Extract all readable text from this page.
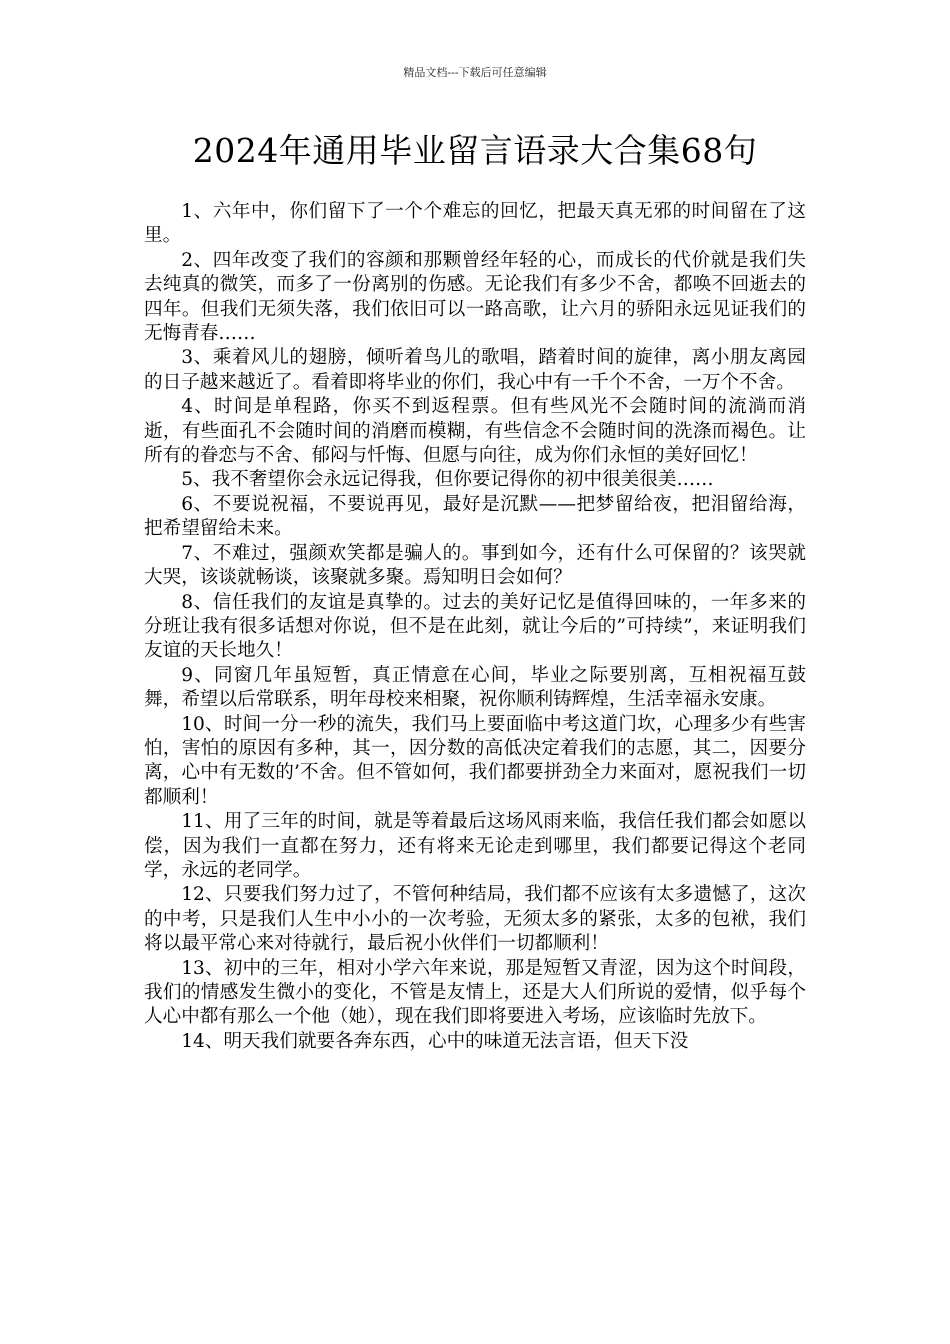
精品文档---下载后可任意编辑
2024年通用毕业留言语录大合集68句

1、六年中，你们留下了一个个难忘的回忆，把最天真无邪的时间留在了这里。

2、四年改变了我们的容颜和那颗曾经年轻的心，而成长的代价就是我们失去纯真的微笑，而多了一份离别的伤感。无论我们有多少不舍，都唤不回逝去的四年。但我们无须失落，我们依旧可以一路高歌，让六月的骄阳永远见证我们的无悔青春……

3、乘着风儿的翅膀，倾听着鸟儿的歌唱，踏着时间的旋律，离小朋友离园的日子越来越近了。看着即将毕业的你们，我心中有一千个不舍，一万个不舍。

4、时间是单程路，你买不到返程票。但有些风光不会随时间的流淌而消逝，有些面孔不会随时间的消磨而模糊，有些信念不会随时间的洗涤而褐色。让所有的眷恋与不舍、郁闷与忏悔、但愿与向往，成为你们永恒的美好回忆！

5、我不奢望你会永远记得我，但你要记得你的初中很美很美……

6、不要说祝福，不要说再见，最好是沉默——把梦留给夜，把泪留给海，把希望留给未来。

7、不难过，强颜欢笑都是骗人的。事到如今，还有什么可保留的？该哭就大哭，该谈就畅谈，该聚就多聚。焉知明日会如何？

8、信任我们的友谊是真挚的。过去的美好记忆是值得回味的，一年多来的分班让我有很多话想对你说，但不是在此刻，就让今后的”可持续”，来证明我们友谊的天长地久！

9、同窗几年虽短暂，真正情意在心间，毕业之际要别离，互相祝福互鼓舞，希望以后常联系，明年母校来相聚，祝你顺利铸辉煌，生活幸福永安康。

10、时间一分一秒的流失，我们马上要面临中考这道门坎，心理多少有些害怕，害怕的原因有多种，其一，因分数的高低决定着我们的志愿，其二，因要分离，心中有无数的’不舍。但不管如何，我们都要拼劲全力来面对，愿祝我们一切都顺利！

11、用了三年的时间，就是等着最后这场风雨来临，我信任我们都会如愿以偿，因为我们一直都在努力，还有将来无论走到哪里，我们都要记得这个老同学，永远的老同学。

12、只要我们努力过了，不管何种结局，我们都不应该有太多遗憾了，这次的中考，只是我们人生中小小的一次考验，无须太多的紧张，太多的包袱，我们将以最平常心来对待就行，最后祝小伙伴们一切都顺利！

13、初中的三年，相对小学六年来说，那是短暂又青涩，因为这个时间段，我们的情感发生微小的变化，不管是友情上，还是大人们所说的爱情，似乎每个人心中都有那么一个他（她），现在我们即将要进入考场，应该临时先放下。

14、明天我们就要各奔东西，心中的味道无法言语，但天下没
